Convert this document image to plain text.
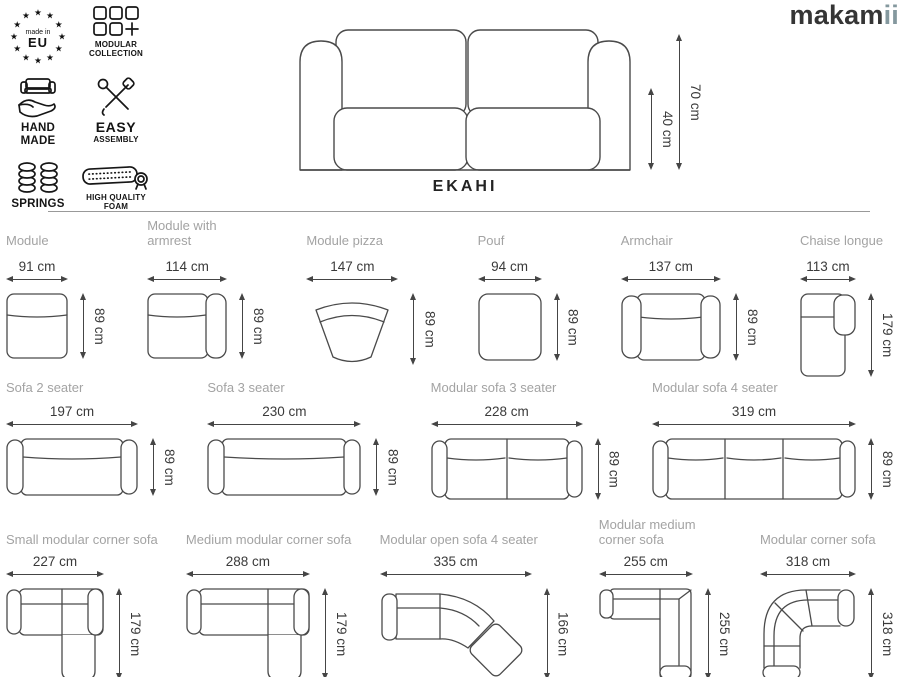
★ ★
★
★
★
★
★
★
★
★
★
★
made in
EU	MODULAR
COLLECTION
HAND
MADE
EASY
ASSEMBLY
SPRINGS
HIGH QUALITY
FOAM
makamii
40 cm
70 cm
EKAHI
Module
91 cm
89 cm
Module with armrest
114 cm
89 cm
Module pizza
147 cm
89 cm
Pouf
94 cm
89 cm
Armchair
137 cm
89 cm
Chaise longue
113 cm
179 cm
Sofa 2 seater
197 cm
89 cm
Sofa 3 seater
230 cm
89 cm
Modular sofa 3 seater
228 cm
89 cm
Modular sofa 4 seater
319 cm
89 cm
Small modular corner sofa
227 cm
179 cm
Medium modular corner sofa
288 cm
179 cm
Modular open sofa 4 seater
335 cm
166 cm
Modular medium corner sofa
255 cm
255 cm
Modular corner sofa
318 cm
318 cm
